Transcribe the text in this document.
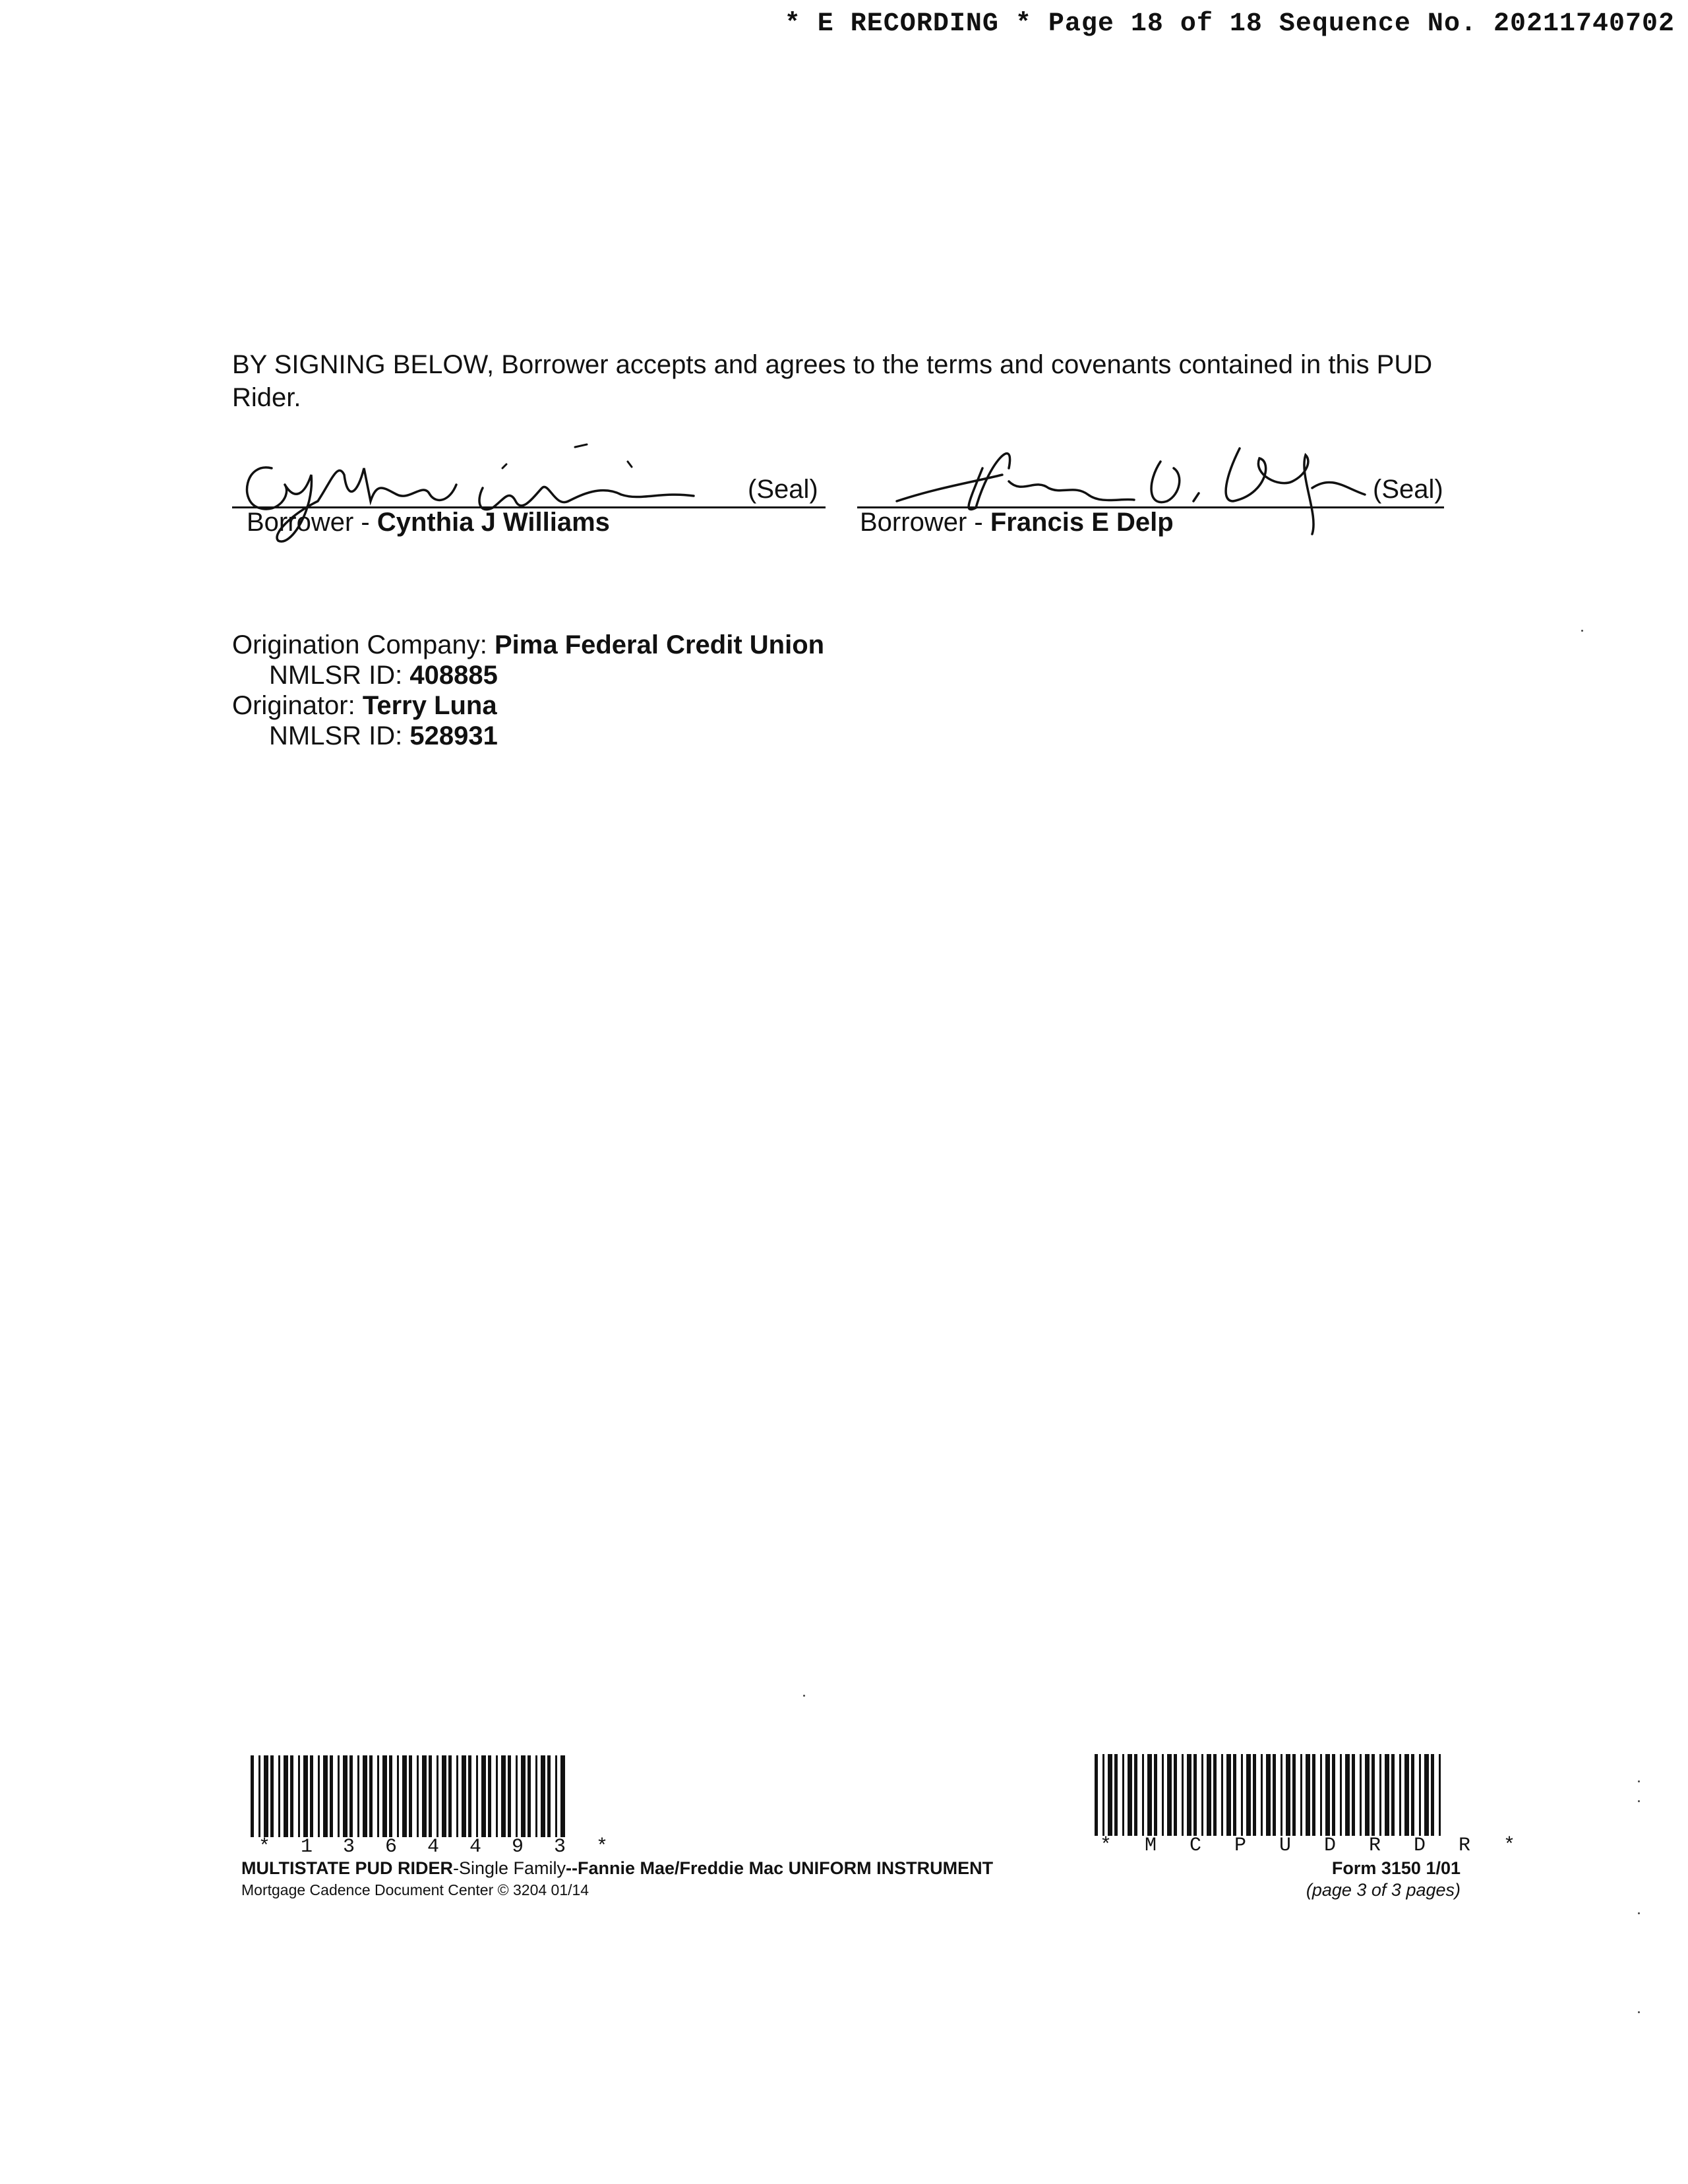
* E RECORDING * Page 18 of 18 Sequence No. 20211740702
BY SIGNING BELOW, Borrower accepts and agrees to the terms and covenants contained in this PUD Rider.
(Seal)
Borrower - Cynthia J Williams
(Seal)
Borrower - Francis E Delp
Origination Company: Pima Federal Credit Union
NMLSR ID: 408885
Originator: Terry Luna
NMLSR ID: 528931
* 1 3 6 4 4 9 3 *	* M C P U D R D R *
MULTISTATE PUD RIDER-Single Family--Fannie Mae/Freddie Mac UNIFORM INSTRUMENT
Mortgage Cadence Document Center © 3204 01/14
Form 3150 1/01
(page 3 of 3 pages)
